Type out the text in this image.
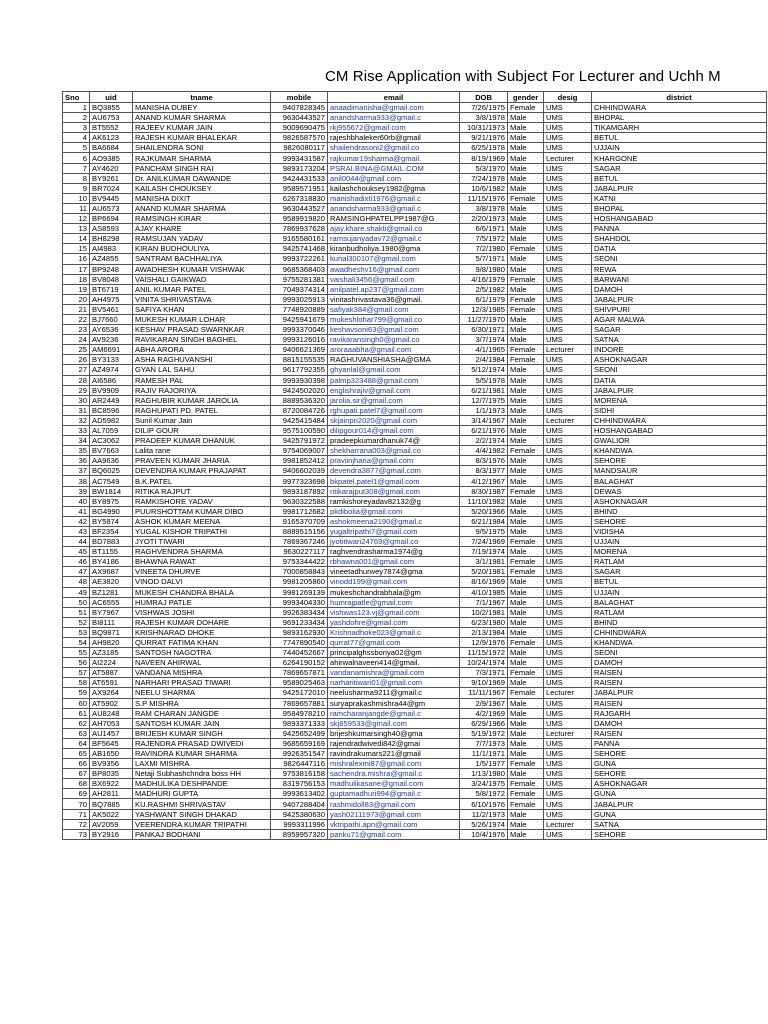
CM Rise Application with Subject For Lecturer and Uchh M
Sno	uid	tname	mobile	email	DOB	gender	desig	district
1	BQ3855	MANISHA DUBEY	9407828345	anaadimanisha@gmail.com	7/26/1975	Female	UMS	CHHINDWARA
2	AU6753	ANAND KUMAR SHARMA	9630443527	anandsharma933@gmail.c	3/8/1978	Male	UMS	BHOPAL
3	BT5552	RAJEEV KUMAR JAIN	9009690475	rkj955672@gmail.com	10/31/1973	Male	UMS	TIKAMGARH
4	AK6123	RAJESH KUMAR BHALEKAR	9826587570	rajeshbhaleker60rb@gmail	9/21/1976	Male	UMS	BETUL
5	BA6684	SHAILENDRA SONI	9826080117	shailendrasoni2@gmail.co	6/25/1978	Male	UMS	UJJAIN
6	AO9385	RAJKUMAR SHARMA	9993431587	rajkumar19sharma@gmail.	8/19/1969	Male	Lecturer	KHARGONE
7	AY4620	PANCHAM SINGH RAI	9893173204	PSRAI.BINA@GMAIL.COM	5/3/1970	Male	UMS	SAGAR
8	BY9261	Dr. ANILKUMAR DAWANDE	9424431533	anil0044@gmail.com	7/24/1978	Male	UMS	BETUL
9	BR7024	KAILASH CHOUKSEY	9589571951	kailashchouksey1982@gma	10/6/1982	Male	UMS	JABALPUR
10	BV9445	MANISHA DIXIT	6267318830	manishadixti1976@gmail.c	11/15/1976	Female	UMS	KATNI
11	AU6573	ANAND KUMAR SHARMA	9630443527	anandsharma933@gmail.c	3/8/1978	Male	UMS	BHOPAL
12	BP6694	RAMSINGH KIRAR	9589919820	RAMSINGHPATELPP1987@G	2/20/1973	Male	UMS	HOSHANGABAD
13	AS8593	AJAY KHARE	7869937628	ajay.khare.shakti@gmail.co	6/6/1971	Male	UMS	PANNA
14	BH8298	RAMSUJAN YADAV	9165580161	ramsujanyadav72@gmail.c	7/5/1972	Male	UMS	SHAHDOL
15	AI4983	KIRAN BUDHOULIYA	9425741468	kiranbudholiya.1980@gma	7/2/1980	Female	UMS	DATIA
16	AZ4855	SANTRAM BACHHALIYA	9993722261	kunal300107@gmail.com	5/7/1971	Male	UMS	SEONI
17	BP9248	AWADHESH KUMAR VISHWAK	9685368403	awadheshv16@gmail.com	9/8/1980	Male	UMS	REWA
18	BV8048	VAISHALI GAIKWAD	9755281381	vaishali3456@gmail.com	4/16/1979	Female	UMS	BARWANI
19	BT6719	ANIL KUMAR PATEL	7049374314	anilpatel.ap237@gmail.com	2/5/1982	Male	UMS	DAMOH
20	AH4975	VINITA SHRIVASTAVA	9993025913	vinitashrivastava36@gmail.	6/1/1979	Female	UMS	JABALPUR
21	BV5461	SAFIYA KHAN	7748920889	safiyak384@gmail.com	12/3/1985	Female	UMS	SHIVPURI
22	BJ7660	MUKESH KUMAR LOHAR	9425941679	mukeshlohar799@gmail.co	11/27/1970	Male	UMS	AGAR MALWA
23	AY6536	KESHAV PRASAD SWARNKAR	9993370046	keshavsoni63@gmail.com	6/30/1971	Male	UMS	SAGAR
24	AV9236	RAVIKARAN SINGH BAGHEL	9993126016	ravikaransingh0@gmail.co	3/7/1974	Male	UMS	SATNA
25	AM6691	ABHA ARORA	9406621369	aroraaabha@gmail.com	4/1/1965	Female	Lecturer	INDORE
26	BY3133	ASHA RAGHUVANSHI	8815155535	RAGHUVANSHIASHA@GMA	2/4/1984	Female	UMS	ASHOKNAGAR
27	AZ4974	GYAN LAL SAHU	9617792355	ghyanlal@gmail.com	5/12/1974	Male	UMS	SEONI
28	AI6586	RAMESH PAL	9993930398	palmp323488@gmail.com	5/5/1978	Male	UMS	DATIA
29	BV9909	RAJIV RAJORIYA	9424502020	englishrajiv@gmail.com	6/21/1981	Male	UMS	JABALPUR
30	AR2449	RAGHUBIR KUMAR JAROLIA	8889536320	jarolia.sir@gmail.com	12/7/1975	Male	UMS	MORENA
31	BC8596	RAGHUPATI PD. PATEL	8720084726	rghupati.patel7@gmail.com	1/1/1973	Male	UMS	SIDHI
32	AD5982	Sunil Kumar Jain	9425415484	skjainpri2020@gmail.com	3/14/1967	Male	Lecturer	CHHINDWARA
33	AL7059	DILIP GOUR	9575100590	dilipgour014@gmail.com	6/21/1976	Male	UMS	HOSHANGABAD
34	AC3062	PRADEEP KUMAR DHANUK	9425791972	pradeepkumardhanuk74@	2/2/1974	Male	UMS	GWALIOR
35	BV7663	Lalita rane	9754069007	shekharrana003@gmail.co	4/4/1982	Female	UMS	KHANDWA
36	AA9636	PRAVEEN KUMAR JHARIA	9981852412	praviinjharia@gmail.com	8/3/1976	Male	UMS	SEHORE
37	BQ6025	DEVENDRA KUMAR PRAJAPAT	9406602039	devendra3877@gmail.com	8/3/1977	Male	UMS	MANDSAUR
38	AC7549	B.K.PATEL	9977323698	bkpatel.patel1@gmail.com	4/12/1967	Male	UMS	BALAGHAT
39	BW1814	RITIKA RAJPUT	9893187892	ritikarajput308@gmail.com	8/30/1987	Female	UMS	DEWAS
40	BY8975	RAMKISHORE YADAV	9630322588	ramkishoreyadav82132@g	11/10/1982	Male	UMS	ASHOKNAGAR
41	BG4990	PUURSHOTTAM KUMAR DIBO	9981712682	pkdibolia@gmail.com	5/20/1966	Male	UMS	BHIND
42	BY5874	ASHOK KUMAR MEENA	9165370709	ashokmeena2190@gmail.c	6/21/1984	Male	UMS	SEHORE
43	BF2354	YUGAL KISHOR TRIPATHI	8889515156	yugaltripathi7@gmail.com	9/5/1975	Male	UMS	VIDISHA
44	BD7883	JYOTI TIWARI	7869367246	jyotitiwari24769@gmail.co	7/24/1969	Female	UMS	UJJAIN
45	BT1155	RAGHVENDRA SHARMA	9630227117	raghvendrasharma1974@g	7/19/1974	Male	UMS	MORENA
46	BY4186	BHAWNA RAWAT	9753344422	rbhawna001@gmail.com	3/1/1981	Female	UMS	RATLAM
47	AX9687	VINEETA DHURVE	7000858843	vineetadhurwey7874@gma	5/20/1981	Female	UMS	SAGAR
48	AE3820	VINOD DALVI	9981205860	vinodd199@gmail.com	8/16/1969	Male	UMS	BETUL
49	BZ1281	MUKESH CHANDRA BHALA	9981269139	mukeshchandrabhala@gm	4/10/1985	Male	UMS	UJJAIN
50	AC6555	HUMRAJ PATLE	9993404330	humrajpatle@gmail.com	7/1/1967	Male	UMS	BALAGHAT
51	BY7967	VISHWAS JOSHI	9926383434	vishwas123.vj@gmail.com	10/2/1981	Male	UMS	RATLAM
52	BI8111	RAJESH KUMAR DOHARE	9691233434	yashdohre@gmail.com	6/23/1980	Male	UMS	BHIND
53	BQ9871	KRISHNARAO DHOKE	9893162930	Krishnadhoke023@gmail.c	2/13/1984	Male	UMS	CHHINDWARA
54	AH9820	QURRAT FATIMA KHAN	7747890540	qurrat77@gmail.com	12/9/1976	Female	UMS	KHANDWA
55	AZ3185	SANTOSH NAGOTRA	7440452667	principalghssboriya02@gm	11/15/1972	Male	UMS	SEONI
56	AI2224	NAVEEN AHIRWAL	6264190152	ahirwalnaveen414@gmail.	10/24/1974	Male	UMS	DAMOH
57	AT5887	VANDANA MISHRA	7869657871	vandanamishra@gmail.com	7/3/1971	Female	UMS	RAISEN
58	AT6591	NARHARI PRASAD TIWARI	9589025463	narharitiwari01@gmail.com	9/10/1969	Male	UMS	RAISEN
59	AX9264	NEELU SHARMA	9425172010	neelusharma9211@gmail.c	11/11/1967	Female	Lecturer	JABALPUR
60	AT5902	S.P MISHRA	7869657881	suryaprakashmishra44@gm	2/9/1967	Male	UMS	RAISEN
61	AU8248	RAM CHARAN JANGDE	9584978210	ramcharanjangde@gmail.c	4/2/1969	Male	UMS	RAJGARH
62	AH7053	SANTOSH KUMAR JAIN	9893371333	skj859533@gmail.com	6/29/1966	Male	UMS	DAMOH
63	AU1457	BRIJESH KUMAR SINGH	9425652499	brijeshkumarsingh40@gma	5/19/1972	Male	Lecturer	RAISEN
64	BF5645	RAJENDRA PRASAD DWIVEDI	9685659169	rajendradwivedi842@gmai	7/7/1973	Male	UMS	PANNA
65	AB1650	RAVINDRA KUMAR SHARMA	9926351547	ravindrakumars221@gmail	11/1/1971	Male	UMS	SEHORE
66	BV9356	LAXMI MISHRA	9826447116	mishralexmi87@gmail.com	1/5/1977	Female	UMS	GUNA
67	BP8035	Netaji Subhashchndra boss HH	9753816158	sachendra.mishra@gmail.c	1/13/1980	Male	UMS	SEHORE
68	BX6922	MADHULIKA DESHPANDE	8319756153	madhulikasane@gmail.com	3/24/1975	Female	UMS	ASHOKNAGAR
69	AH2811	MADHURI GUPTA	9993613402	guptamadhuri994@gmail.c	5/8/1972	Female	UMS	GUNA
70	BQ7885	KU.RASHMI SHRIVASTAV	9407288404	rashmidoll83@gmail.com	6/10/1976	Female	UMS	JABALPUR
71	AK5022	YASHWANT SINGH DHAKAD	9425380630	yash02111973@gmail.com	11/2/1973	Male	UMS	GUNA
72	AV2059	VEERENDRA KUMAR TRIPATHI	9993311996	vktripathi.apn@gmail.com	5/26/1974	Male	Lecturer	SATNA
73	BY2916	PANKAJ BODHANI	8959957320	panku71@gmail.com	10/4/1976	Male	UMS	SEHORE
